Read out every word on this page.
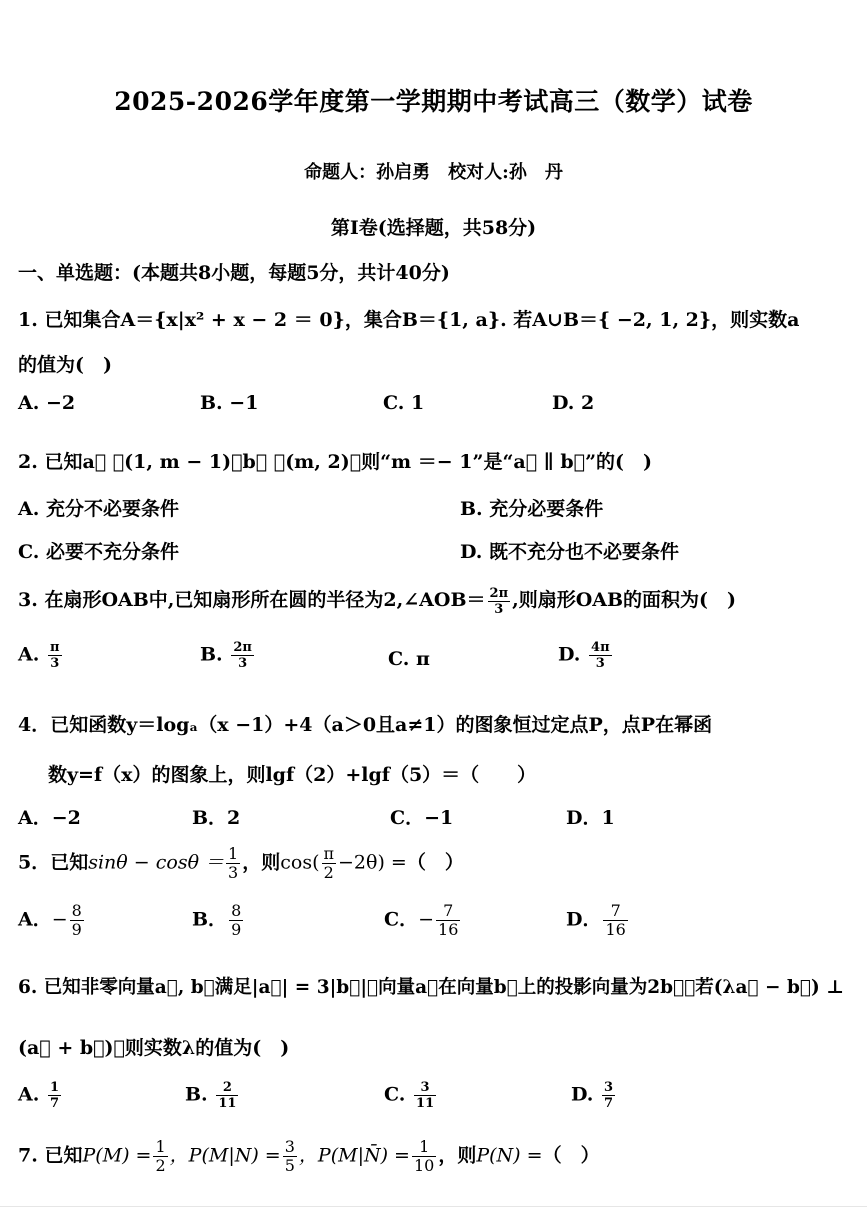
2025-2026学年度第一学期期中考试高三（数学）试卷
命题人：孙启勇　校对人:孙　丹
第Ⅰ卷(选择题，共58分)
一、单选题：(本题共8小题，每题5分，共计40分)
1. 已知集合A＝{x|x² + x − 2 ＝ 0}，集合B＝{1, a}. 若A∪B＝{ −2, 1, 2}，则实数a
的值为(　)
A. −2	B. −1	C. 1	D. 2
2. 已知a⃗ ＝(1, m − 1)，b⃗ ＝(m, 2)，则“m ＝− 1”是“a⃗ ∥ b⃗”的(　)
A. 充分不必要条件	B. 充分必要条件
C. 必要不充分条件	D. 既不充分也不必要条件
3. 在扇形OAB中,已知扇形所在圆的半径为2,∠AOB＝ $\frac{2\pi}{3}$ ,则扇形OAB的面积为(　)
A. $\frac{\pi}{3}$	B. $\frac{2\pi}{3}$	C. π	D. $\frac{4\pi}{3}$
4．已知函数y＝logₐ（x −1）+4（a＞0且a≠1）的图象恒过定点P，点P在幂函
数y=f（x）的图象上，则lgf（2）+lgf（5）＝（　　）
A．−2	B．2	C．−1	D．1
5．已知$\sin\theta - \cos\theta = \frac{1}{3}$ ，则$\cos( \frac{\pi}{2} -2\theta)$ =（　）
A．− $\frac{8}{9}$	B． $\frac{8}{9}$	C．− $\frac{7}{16}$	D． $\frac{7}{16}$
6. 已知非零向量a⃗, b⃗满足|a⃗| = 3|b⃗|，向量a⃗在向量b⃗上的投影向量为2b⃗，若(λa⃗ − b⃗) ⊥
(a⃗ + b⃗)，则实数λ的值为(　)
A. $\frac{1}{7}$	B. $\frac{2}{11}$	C. $\frac{3}{11}$	D. $\frac{3}{7}$
7. 已知$P(M) = \frac{1}{2}$ ，$P(M|N) = \frac{3}{5}$ ，P(M|N̄) = $\frac{1}{10}$ ，则P(N) =（　）
